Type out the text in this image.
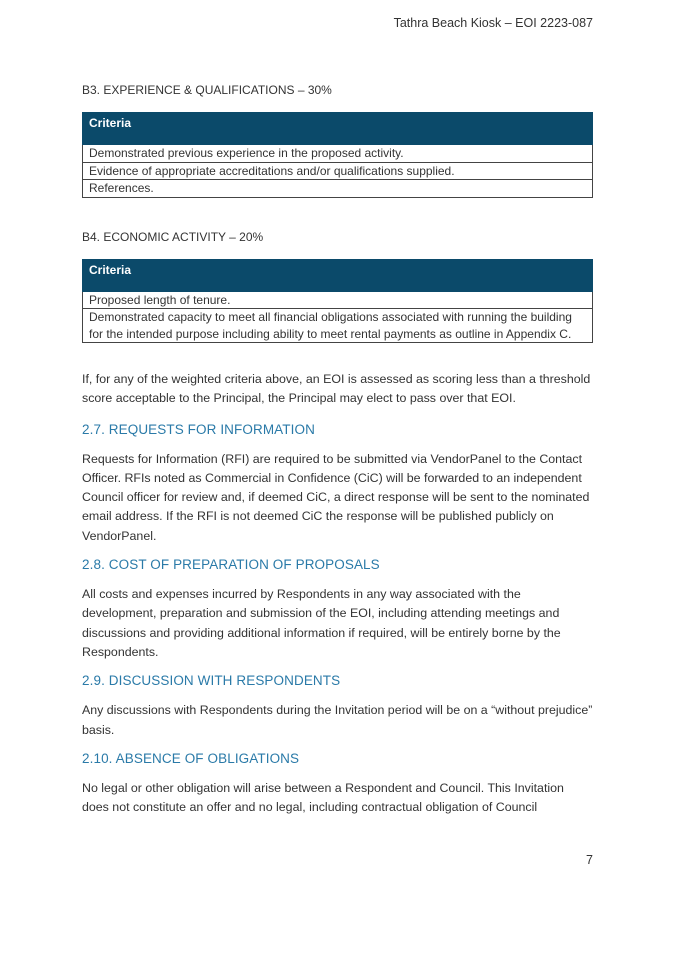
Tathra Beach Kiosk – EOI 2223-087

B3. EXPERIENCE & QUALIFICATIONS – 30%

Criteria
Demonstrated previous experience in the proposed activity.
Evidence of appropriate accreditations and/or qualifications supplied.
References.

B4. ECONOMIC ACTIVITY – 20%

Criteria
Proposed length of tenure.
Demonstrated capacity to meet all financial obligations associated with running the building for the intended purpose including ability to meet rental payments as outline in Appendix C.

If, for any of the weighted criteria above, an EOI is assessed as scoring less than a threshold score acceptable to the Principal, the Principal may elect to pass over that EOI.

2.7. REQUESTS FOR INFORMATION

Requests for Information (RFI) are required to be submitted via VendorPanel to the Contact Officer. RFIs noted as Commercial in Confidence (CiC) will be forwarded to an independent Council officer for review and, if deemed CiC, a direct response will be sent to the nominated email address. If the RFI is not deemed CiC the response will be published publicly on VendorPanel.

2.8. COST OF PREPARATION OF PROPOSALS

All costs and expenses incurred by Respondents in any way associated with the development, preparation and submission of the EOI, including attending meetings and discussions and providing additional information if required, will be entirely borne by the Respondents.

2.9. DISCUSSION WITH RESPONDENTS

Any discussions with Respondents during the Invitation period will be on a “without prejudice” basis.

2.10. ABSENCE OF OBLIGATIONS

No legal or other obligation will arise between a Respondent and Council. This Invitation does not constitute an offer and no legal, including contractual obligation of Council

7
